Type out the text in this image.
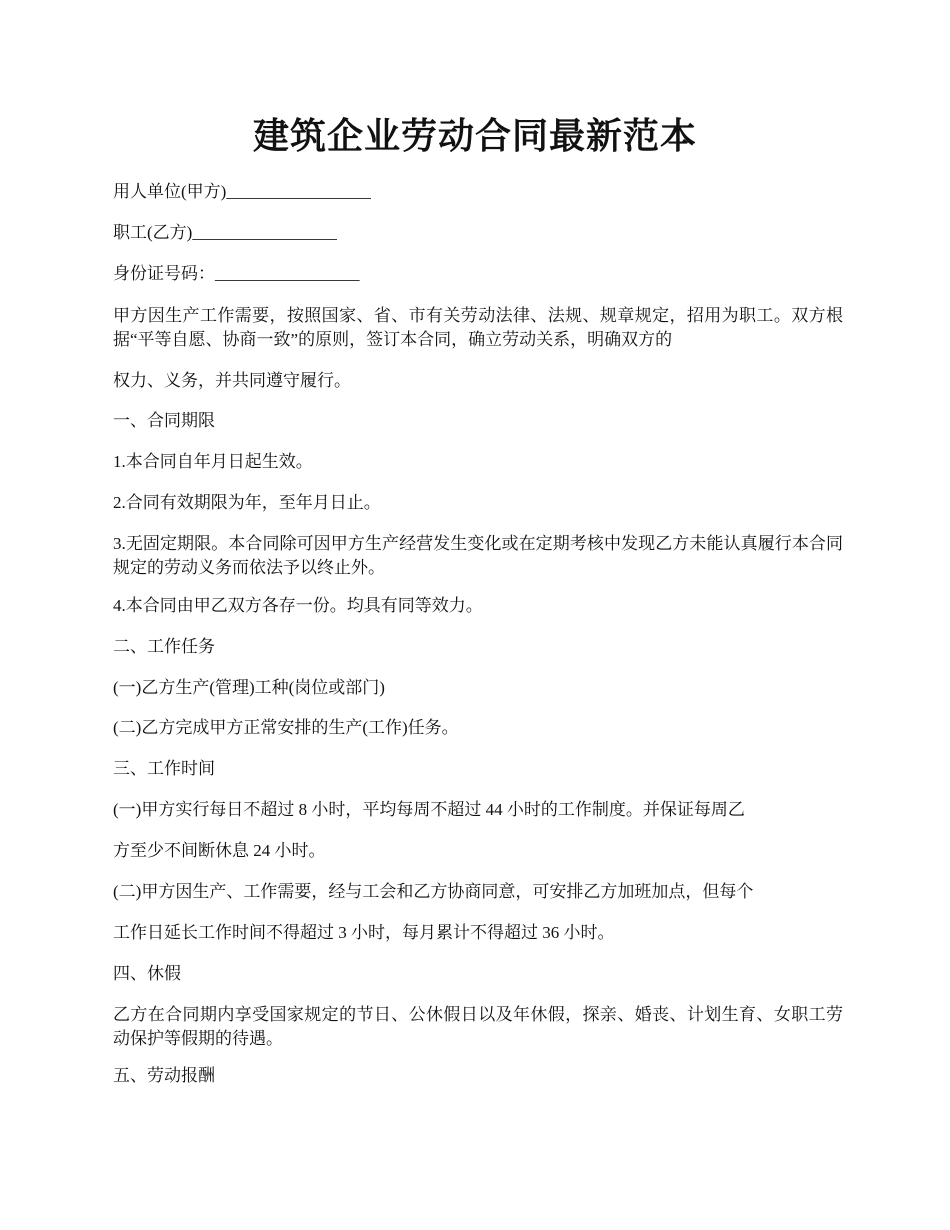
建筑企业劳动合同最新范本
用人单位(甲方)_________________
职工(乙方)_________________
身份证号码：_________________
甲方因生产工作需要，按照国家、省、市有关劳动法律、法规、规章规定，招用为职工。双方根据“平等自愿、协商一致”的原则，签订本合同，确立劳动关系，明确双方的
权力、义务，并共同遵守履行。
一、合同期限
1.本合同自年月日起生效。
2.合同有效期限为年，至年月日止。
3.无固定期限。本合同除可因甲方生产经营发生变化或在定期考核中发现乙方未能认真履行本合同规定的劳动义务而依法予以终止外。
4.本合同由甲乙双方各存一份。均具有同等效力。
二、工作任务
(一)乙方生产(管理)工种(岗位或部门)
(二)乙方完成甲方正常安排的生产(工作)任务。
三、工作时间
(一)甲方实行每日不超过 8 小时，平均每周不超过 44 小时的工作制度。并保证每周乙
方至少不间断休息 24 小时。
(二)甲方因生产、工作需要，经与工会和乙方协商同意，可安排乙方加班加点，但每个
工作日延长工作时间不得超过 3 小时，每月累计不得超过 36 小时。
四、休假
乙方在合同期内享受国家规定的节日、公休假日以及年休假，探亲、婚丧、计划生育、女职工劳动保护等假期的待遇。
五、劳动报酬
